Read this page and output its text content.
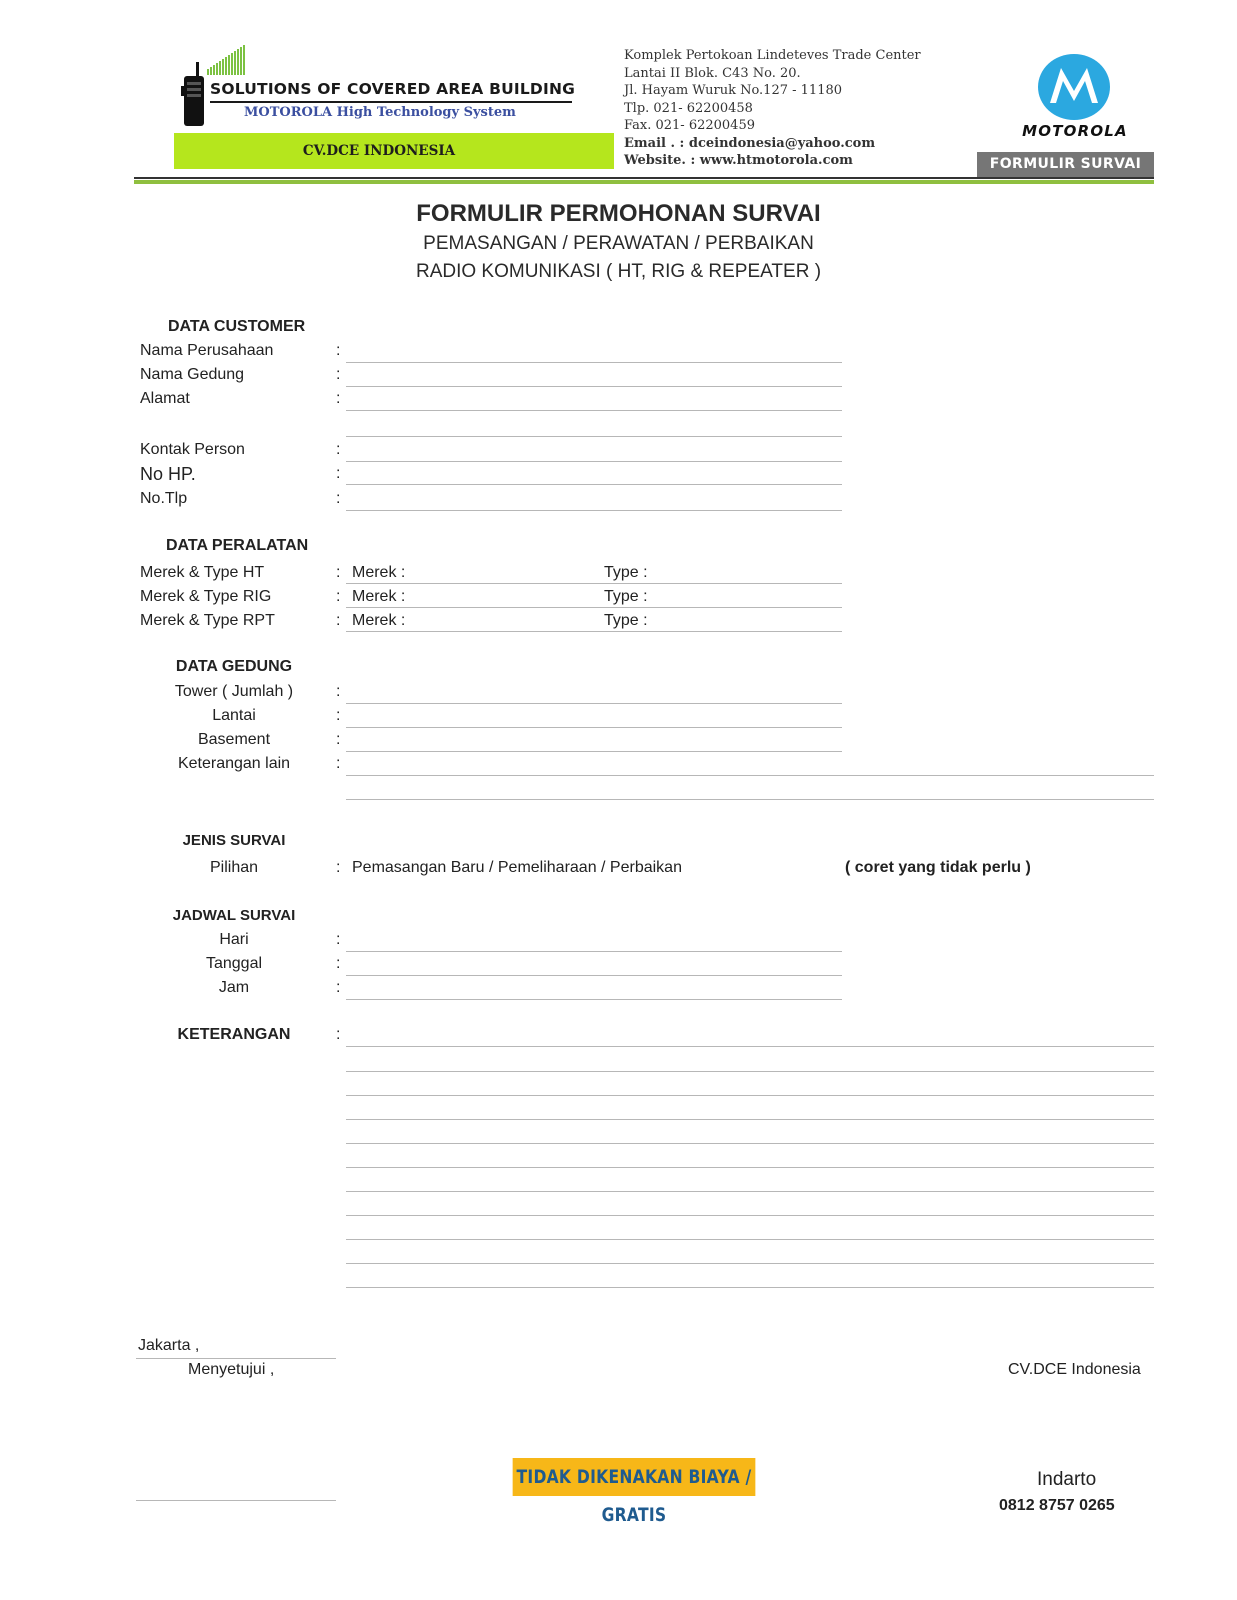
SOLUTIONS OF COVERED AREA BUILDING
MOTOROLA High Technology System
CV.DCE INDONESIA
Komplek Pertokoan Lindeteves Trade Center
Lantai II Blok. C43 No. 20.
Jl. Hayam Wuruk No.127 - 11180
Tlp. 021- 62200458
Fax. 021- 62200459
Email . : dceindonesia@yahoo.com
Website. : www.htmotorola.com
MOTOROLA
FORMULIR SURVAI
FORMULIR PERMOHONAN SURVAI
PEMASANGAN / PERAWATAN / PERBAIKAN
RADIO KOMUNIKASI ( HT, RIG & REPEATER )
DATA CUSTOMER
Nama Perusahaan	:
Nama Gedung	:
Alamat	:
Kontak Person	:
No HP.	:
No.Tlp	:
DATA PERALATAN
Merek & Type HT	: Merek :	Type :
Merek & Type RIG	: Merek :	Type :
Merek & Type RPT	: Merek :	Type :
DATA GEDUNG
Tower ( Jumlah )	:
Lantai	:
Basement	:
Keterangan lain	:
JENIS SURVAI
Pilihan	: Pemasangan Baru / Pemeliharaan / Perbaikan	( coret yang tidak perlu )
JADWAL SURVAI
Hari	:
Tanggal	:
Jam	:
KETERANGAN	:
Jakarta ,
Menyetujui ,	CV.DCE Indonesia
TIDAK DIKENAKAN BIAYA / GRATIS
Indarto
0812 8757 0265
